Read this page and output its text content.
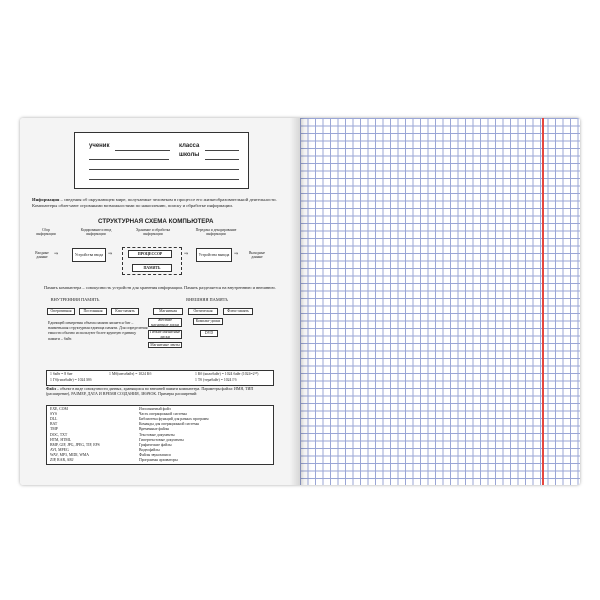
ученик	класса
школы
Информация – сведения об окружающем мире, получаемые человеком в процессе его жизнеобразовательной деятельности. Компьютеры облегчают огромными возможностями по накоплению, поиску и обработке информации.
СТРУКТУРНАЯ СХЕМА КОМПЬЮТЕРА
Сбор информации
Кодирование и ввод информации
Хранение и обработка информации
Передача и декодирование информации
Входные данные
⇒	Устройства ввода ⇒	ПРОЦЕССОР
ПАМЯТЬ
⇒	Устройства вывода ⇒	Выходные данные
Память компьютера – совокупность устройств для хранения информации. Память разделяется на внутреннюю и внешнюю.
ВНУТРЕННЯЯ ПАМЯТЬ	ВНЕШНЯЯ ПАМЯТЬ
Оперативная	Постоянная	Кэш-память	Магнитная	Оптическая	Флеш-память
Единицей измерения объема памяти является бит – наименьшая структурная единица памяти. Для определения емкости обычно используют более крупную единицу памяти – байт.
Жесткие магнитные диски
Гибкие магнитные диски
Магнитные ленты
Компакт-диски
DVD
1 байт = 8 бит	1 Мб(мегабайт) = 1024 Кб	1 Кб (килобайт) = 1024 байт (1024=2¹⁰)
1 Гб(гигабайт) = 1024 Мб	1 Тб (терабайт) = 1024 Гб
Файл – объект в виде совокупности данных, хранящихся во внешней памяти компьютера. Параметры файла: ИМЯ, ТИП (расширение), РАЗМЕР, ДАТА И ВРЕМЯ СОЗДАНИЯ, ЗНАЧОК. Примеры расширений:
EXE, COM	Исполняемый файл
SYS	Часть операционной системы
DLL	Библиотека функций для разных программ
BAT	Команды для операционной системы
TMP	Временные файлы
DOC, TXT	Текстовые документы
HTM, HTML	Гипертекстовые документы
BMP, GIF, JPG, JPEG, TIF, EPS	Графические файлы
AVI, MPEG	Видеофайлы
WAV, MP3, MIDI, WMA	Файлы звукозаписи
ZIP, RAR, ARJ	Программы архиваторы
